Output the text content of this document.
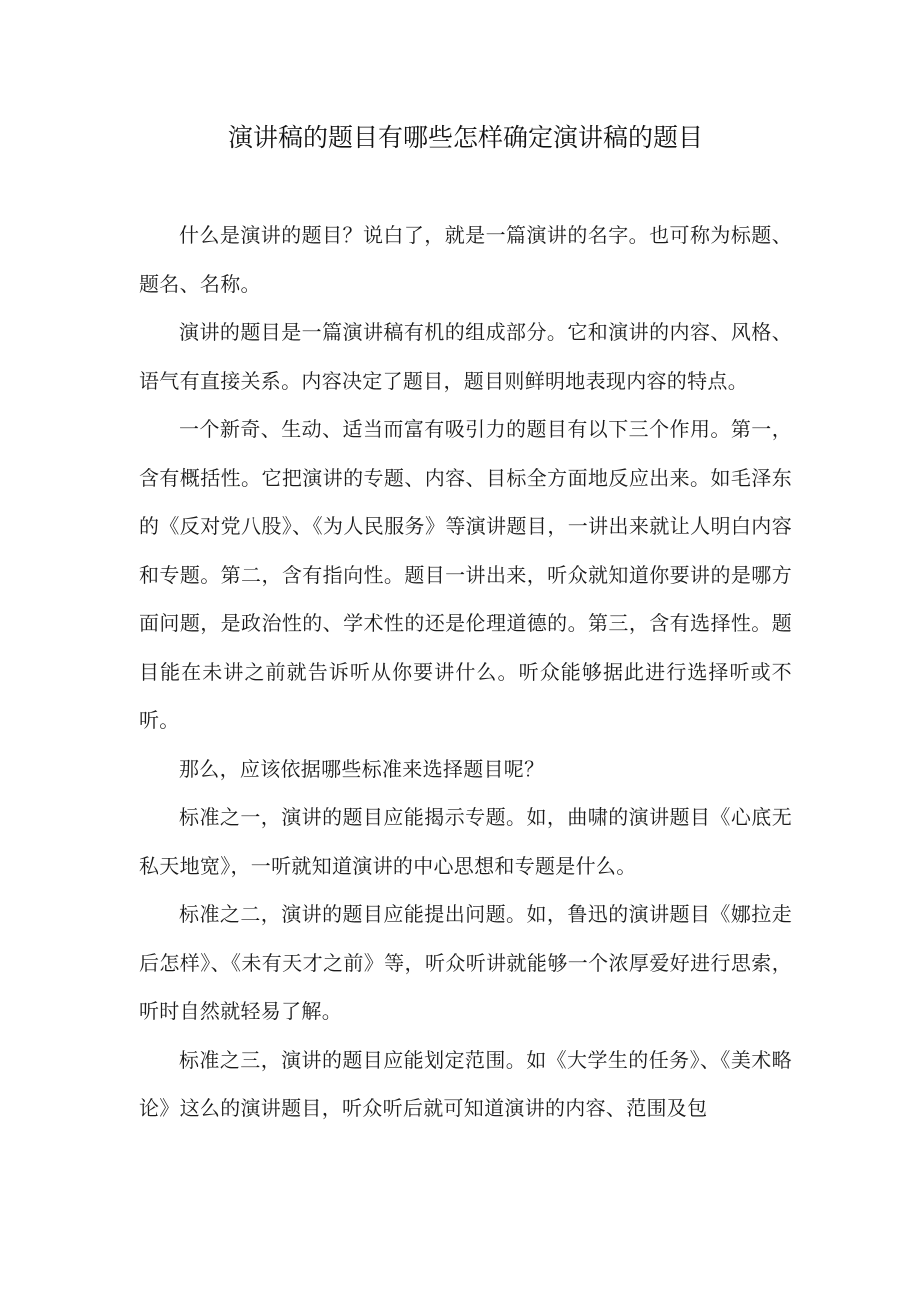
演讲稿的题目有哪些怎样确定演讲稿的题目

什么是演讲的题目？说白了，就是一篇演讲的名字。也可称为标题、题名、名称。

演讲的题目是一篇演讲稿有机的组成部分。它和演讲的内容、风格、语气有直接关系。内容决定了题目，题目则鲜明地表现内容的特点。

一个新奇、生动、适当而富有吸引力的题目有以下三个作用。第一，含有概括性。它把演讲的专题、内容、目标全方面地反应出来。如毛泽东的《反对党八股》、《为人民服务》等演讲题目，一讲出来就让人明白内容和专题。第二，含有指向性。题目一讲出来，听众就知道你要讲的是哪方面问题，是政治性的、学术性的还是伦理道德的。第三，含有选择性。题目能在未讲之前就告诉听从你要讲什么。听众能够据此进行选择听或不听。

那么，应该依据哪些标准来选择题目呢？

标准之一，演讲的题目应能揭示专题。如，曲啸的演讲题目《心底无私天地宽》，一听就知道演讲的中心思想和专题是什么。

标准之二，演讲的题目应能提出问题。如，鲁迅的演讲题目《娜拉走后怎样》、《未有天才之前》等，听众听讲就能够一个浓厚爱好进行思索，听时自然就轻易了解。

标准之三，演讲的题目应能划定范围。如《大学生的任务》、《美术略论》这么的演讲题目，听众听后就可知道演讲的内容、范围及包
